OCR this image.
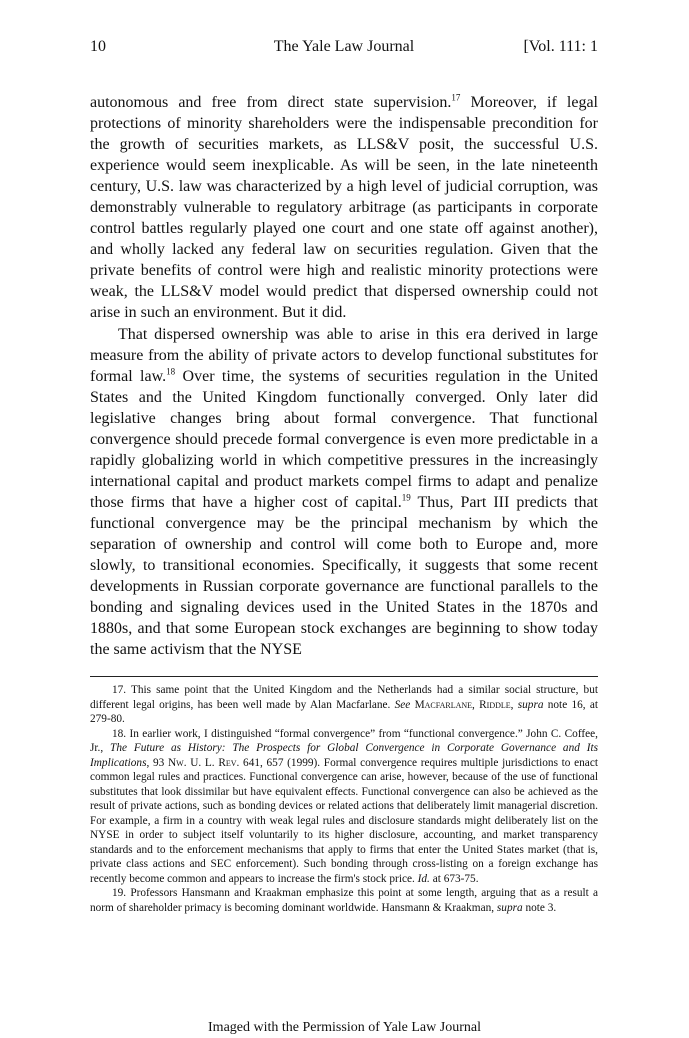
10	The Yale Law Journal	[Vol. 111: 1

autonomous and free from direct state supervision.$^{17}$ Moreover, if legal protections of minority shareholders were the indispensable precondition for the growth of securities markets, as LLS&V posit, the successful U.S. experience would seem inexplicable. As will be seen, in the late nineteenth century, U.S. law was characterized by a high level of judicial corruption, was demonstrably vulnerable to regulatory arbitrage (as participants in corporate control battles regularly played one court and one state off against another), and wholly lacked any federal law on securities regulation. Given that the private benefits of control were high and realistic minority protections were weak, the LLS&V model would predict that dispersed ownership could not arise in such an environment. But it did.

That dispersed ownership was able to arise in this era derived in large measure from the ability of private actors to develop functional substitutes for formal law.$^{18}$ Over time, the systems of securities regulation in the United States and the United Kingdom functionally converged. Only later did legislative changes bring about formal convergence. That functional convergence should precede formal convergence is even more predictable in a rapidly globalizing world in which competitive pressures in the increasingly international capital and product markets compel firms to adapt and penalize those firms that have a higher cost of capital.$^{19}$ Thus, Part III predicts that functional convergence may be the principal mechanism by which the separation of ownership and control will come both to Europe and, more slowly, to transitional economies. Specifically, it suggests that some recent developments in Russian corporate governance are functional parallels to the bonding and signaling devices used in the United States in the 1870s and 1880s, and that some European stock exchanges are beginning to show today the same activism that the NYSE

17. This same point that the United Kingdom and the Netherlands had a similar social structure, but different legal origins, has been well made by Alan Macfarlane. See Macfarlane, Riddle, supra note 16, at 279-80.

18. In earlier work, I distinguished “formal convergence” from “functional convergence.” John C. Coffee, Jr., The Future as History: The Prospects for Global Convergence in Corporate Governance and Its Implications, 93 Nw. U. L. Rev. 641, 657 (1999). Formal convergence requires multiple jurisdictions to enact common legal rules and practices. Functional convergence can arise, however, because of the use of functional substitutes that look dissimilar but have equivalent effects. Functional convergence can also be achieved as the result of private actions, such as bonding devices or related actions that deliberately limit managerial discretion. For example, a firm in a country with weak legal rules and disclosure standards might deliberately list on the NYSE in order to subject itself voluntarily to its higher disclosure, accounting, and market transparency standards and to the enforcement mechanisms that apply to firms that enter the United States market (that is, private class actions and SEC enforcement). Such bonding through cross-listing on a foreign exchange has recently become common and appears to increase the firm's stock price. Id. at 673-75.

19. Professors Hansmann and Kraakman emphasize this point at some length, arguing that as a result a norm of shareholder primacy is becoming dominant worldwide. Hansmann & Kraakman, supra note 3.

Imaged with the Permission of Yale Law Journal
